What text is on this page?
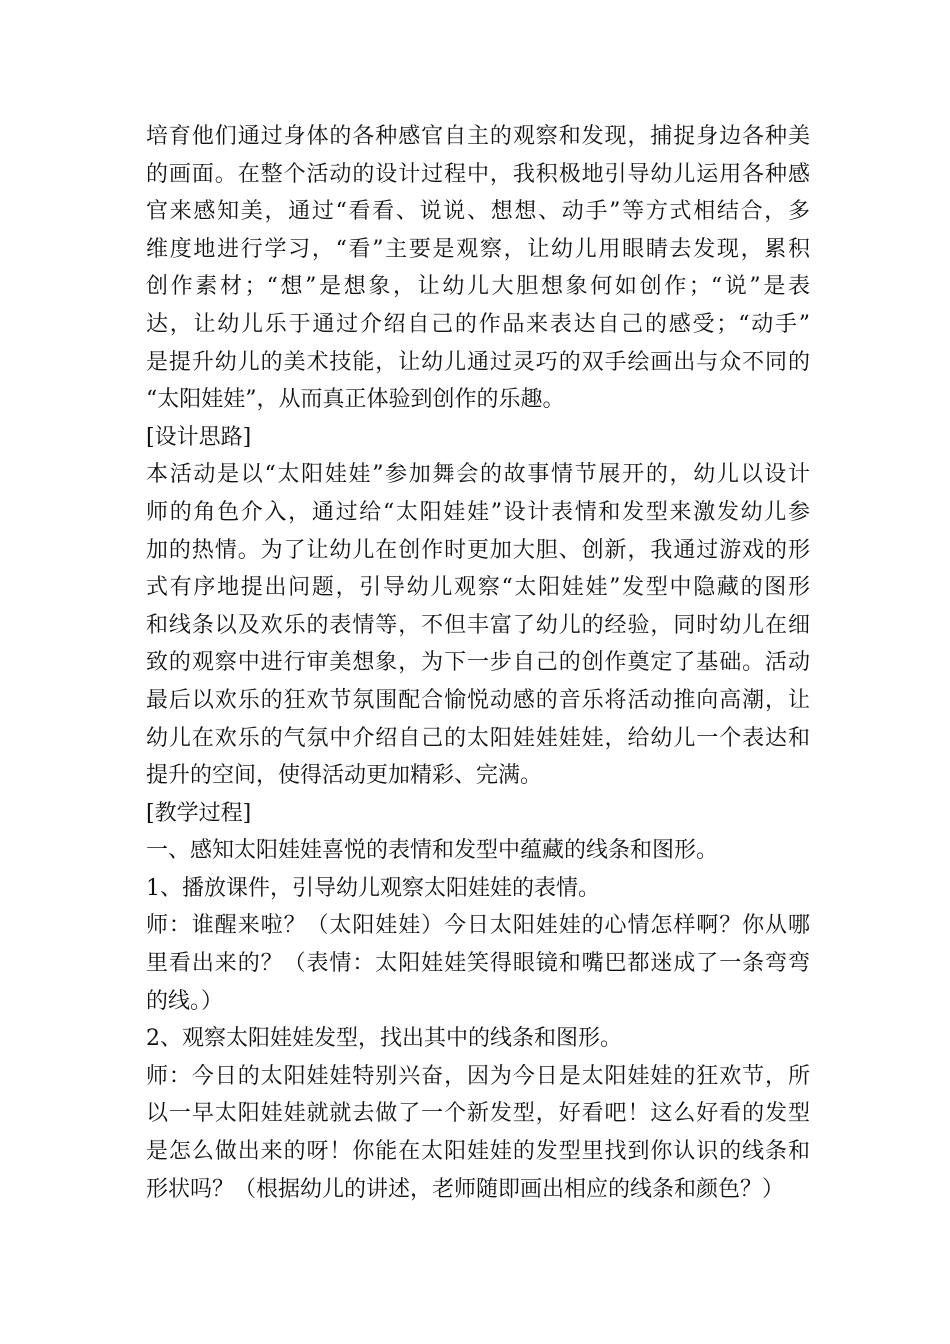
培育他们通过身体的各种感官自主的观察和发现，捕捉身边各种美
的画面。在整个活动的设计过程中，我积极地引导幼儿运用各种感
官来感知美，通过“看看、说说、想想、动手”等方式相结合，多
维度地进行学习，“看”主要是观察，让幼儿用眼睛去发现，累积
创作素材；“想”是想象，让幼儿大胆想象何如创作；“说”是表
达，让幼儿乐于通过介绍自己的作品来表达自己的感受；“动手”
是提升幼儿的美术技能，让幼儿通过灵巧的双手绘画出与众不同的
“太阳娃娃”，从而真正体验到创作的乐趣。
[设计思路]
本活动是以“太阳娃娃”参加舞会的故事情节展开的，幼儿以设计
师的角色介入，通过给“太阳娃娃”设计表情和发型来激发幼儿参
加的热情。为了让幼儿在创作时更加大胆、创新，我通过游戏的形
式有序地提出问题，引导幼儿观察“太阳娃娃”发型中隐藏的图形
和线条以及欢乐的表情等，不但丰富了幼儿的经验，同时幼儿在细
致的观察中进行审美想象，为下一步自己的创作奠定了基础。活动
最后以欢乐的狂欢节氛围配合愉悦动感的音乐将活动推向高潮，让
幼儿在欢乐的气氛中介绍自己的太阳娃娃娃娃，给幼儿一个表达和
提升的空间，使得活动更加精彩、完满。
[教学过程]
一、感知太阳娃娃喜悦的表情和发型中蕴藏的线条和图形。
1、播放课件，引导幼儿观察太阳娃娃的表情。
师：谁醒来啦？（太阳娃娃）今日太阳娃娃的心情怎样啊？你从哪
里看出来的？（表情：太阳娃娃笑得眼镜和嘴巴都迷成了一条弯弯
的线。）
2、观察太阳娃娃发型，找出其中的线条和图形。
师：今日的太阳娃娃特别兴奋，因为今日是太阳娃娃的狂欢节，所
以一早太阳娃娃就就去做了一个新发型，好看吧！这么好看的发型
是怎么做出来的呀！你能在太阳娃娃的发型里找到你认识的线条和
形状吗？（根据幼儿的讲述，老师随即画出相应的线条和颜色？）
